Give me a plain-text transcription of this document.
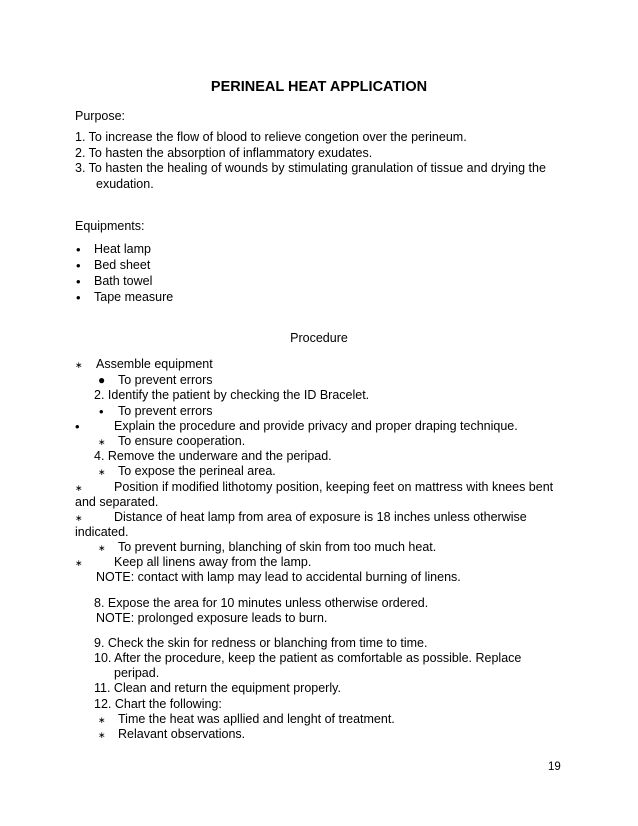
PERINEAL HEAT APPLICATION
Purpose:
1. To increase the flow of blood to relieve congetion over the perineum.
2. To hasten the absorption of inflammatory exudates.
3. To hasten the healing of wounds by stimulating granulation of tissue and drying the
exudation.
Equipments:
• Heat lamp
• Bed sheet
• Bath towel
• Tape measure
Procedure
∗ Assemble equipment
● To prevent errors
2. Identify the patient by checking the ID Bracelet.
• To prevent errors
•	Explain the procedure and provide privacy and proper draping technique.
∗ To ensure cooperation.
4. Remove the underware and the peripad.
∗ To expose the perineal area.
∗	Position if modified lithotomy position, keeping feet on mattress with knees bent
and separated.
∗	Distance of heat lamp from area of exposure is 18 inches unless otherwise
indicated.
∗ To prevent burning, blanching of skin from too much heat.
∗	Keep all linens away from the lamp.
NOTE: contact with lamp may lead to accidental burning of linens.
8. Expose the area for 10 minutes unless otherwise ordered.
NOTE: prolonged exposure leads to burn.
9. Check the skin for redness or blanching from time to time.
10. After the procedure, keep the patient as comfortable as possible. Replace
peripad.
11. Clean and return the equipment properly.
12. Chart the following:
∗ Time the heat was apllied and lenght of treatment.
∗ Relavant observations.
19
